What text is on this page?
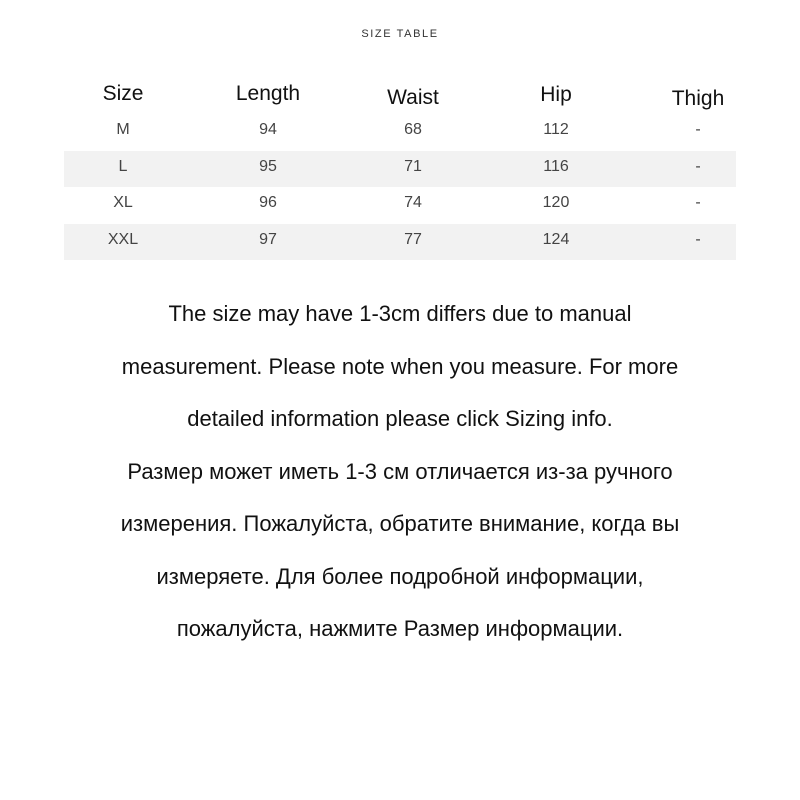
SIZE TABLE
Size	Length	Waist	Hip	Thigh
M	94	68	112	-
L	95	71	116	-
XL	96	74	120	-
XXL	97	77	124	-
The size may have 1-3cm differs due to manual
measurement. Please note when you measure. For more
detailed information please click Sizing info.
Размер может иметь 1-3 см отличается из-за ручного
измерения. Пожалуйста, обратите внимание, когда вы
измеряете. Для более подробной информации,
пожалуйста, нажмите Размер информации.
